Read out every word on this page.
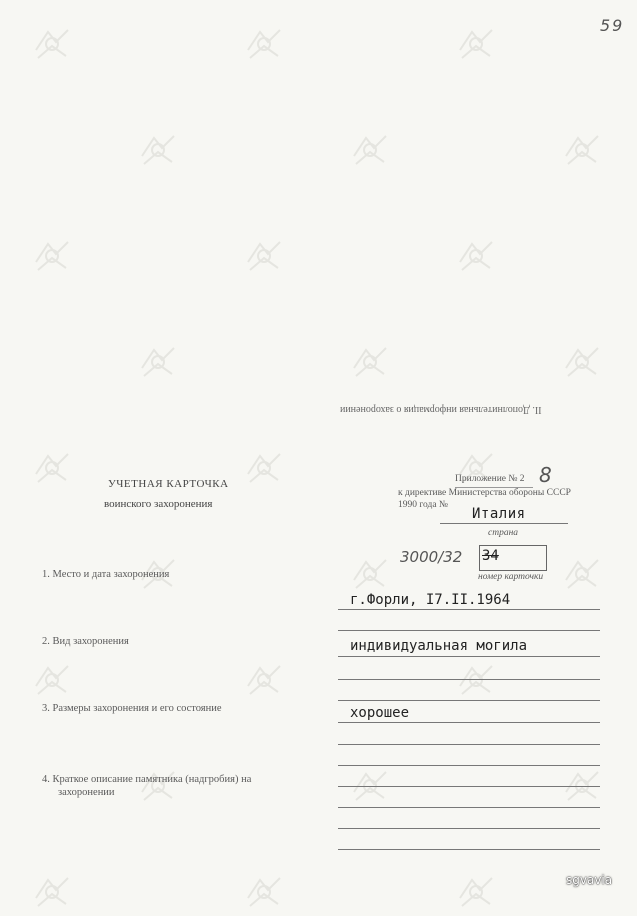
59
II. Дополнительная информация о захоронении
УЧЕТНАЯ КАРТОЧКА
воинского захоронения
Приложение № 2 8
к директиве Министерства обороны СССР
1990 года №
Италия
страна
3000/32 34
номер карточки
1. Место и дата захоронения
г.Форли, I7.II.1964
2. Вид захоронения	индивидуальная могила
3. Размеры захоронения и его состояние	хорошее
4. Краткое описание памятника (надгробия) на
захоронении
sgvavia
